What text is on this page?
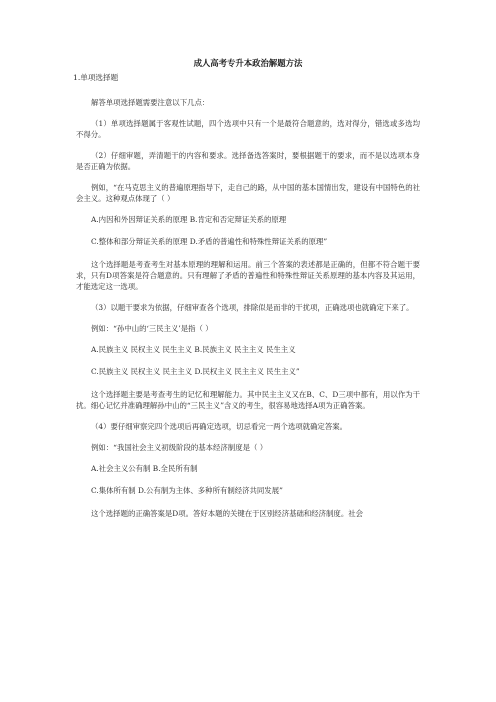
成人高考专升本政治解题方法
1.单项选择题
解答单项选择题需要注意以下几点：
（1）单项选择题属于客观性试题，四个选项中只有一个是最符合题意的，选对得分，错选或多选均不得分。
（2）仔细审题，弄清题干的内容和要求。选择备选答案时，要根据题干的要求，而不是以选项本身是否正确为依据。
例如，“在马克思主义的普遍原理指导下，走自己的路，从中国的基本国情出发，建设有中国特色的社会主义。这种观点体现了（ ）
A.内因和外因辩证关系的原理 B.肯定和否定辩证关系的原理
C.整体和部分辩证关系的原理 D.矛盾的普遍性和特殊性辩证关系的原理”
这个选择题是考查考生对基本原理的理解和运用。前三个答案的表述都是正确的，但都不符合题干要求，只有D项答案是符合题意的。只有理解了矛盾的普遍性和特殊性辩证关系原理的基本内容及其运用，才能选定这一选项。
（3）以题干要求为依据，仔细审查各个选项，排除似是而非的干扰项，正确选项也就确定下来了。
例如：“孙中山的‘三民主义’是指（ ）
A.民族主义 民权主义 民生主义 B.民族主义 民主主义 民生主义
C.民族主义 民权主义 民主主义 D.民权主义 民主主义 民生主义”
这个选择题主要是考查考生的记忆和理解能力。其中民主主义又在B、C、D三项中都有，用以作为干扰。细心记忆并准确理解孙中山的“三民主义”含义的考生，很容易地选择A项为正确答案。
（4）要仔细审察完四个选项后再确定选项，切忌看完一两个选项就确定答案。
例如：“我国社会主义初级阶段的基本经济制度是（ ）
A.社会主义公有制 B.全民所有制
C.集体所有制 D.公有制为主体、多种所有制经济共同发展”
这个选择题的正确答案是D项。答好本题的关键在于区别经济基础和经济制度。社会
